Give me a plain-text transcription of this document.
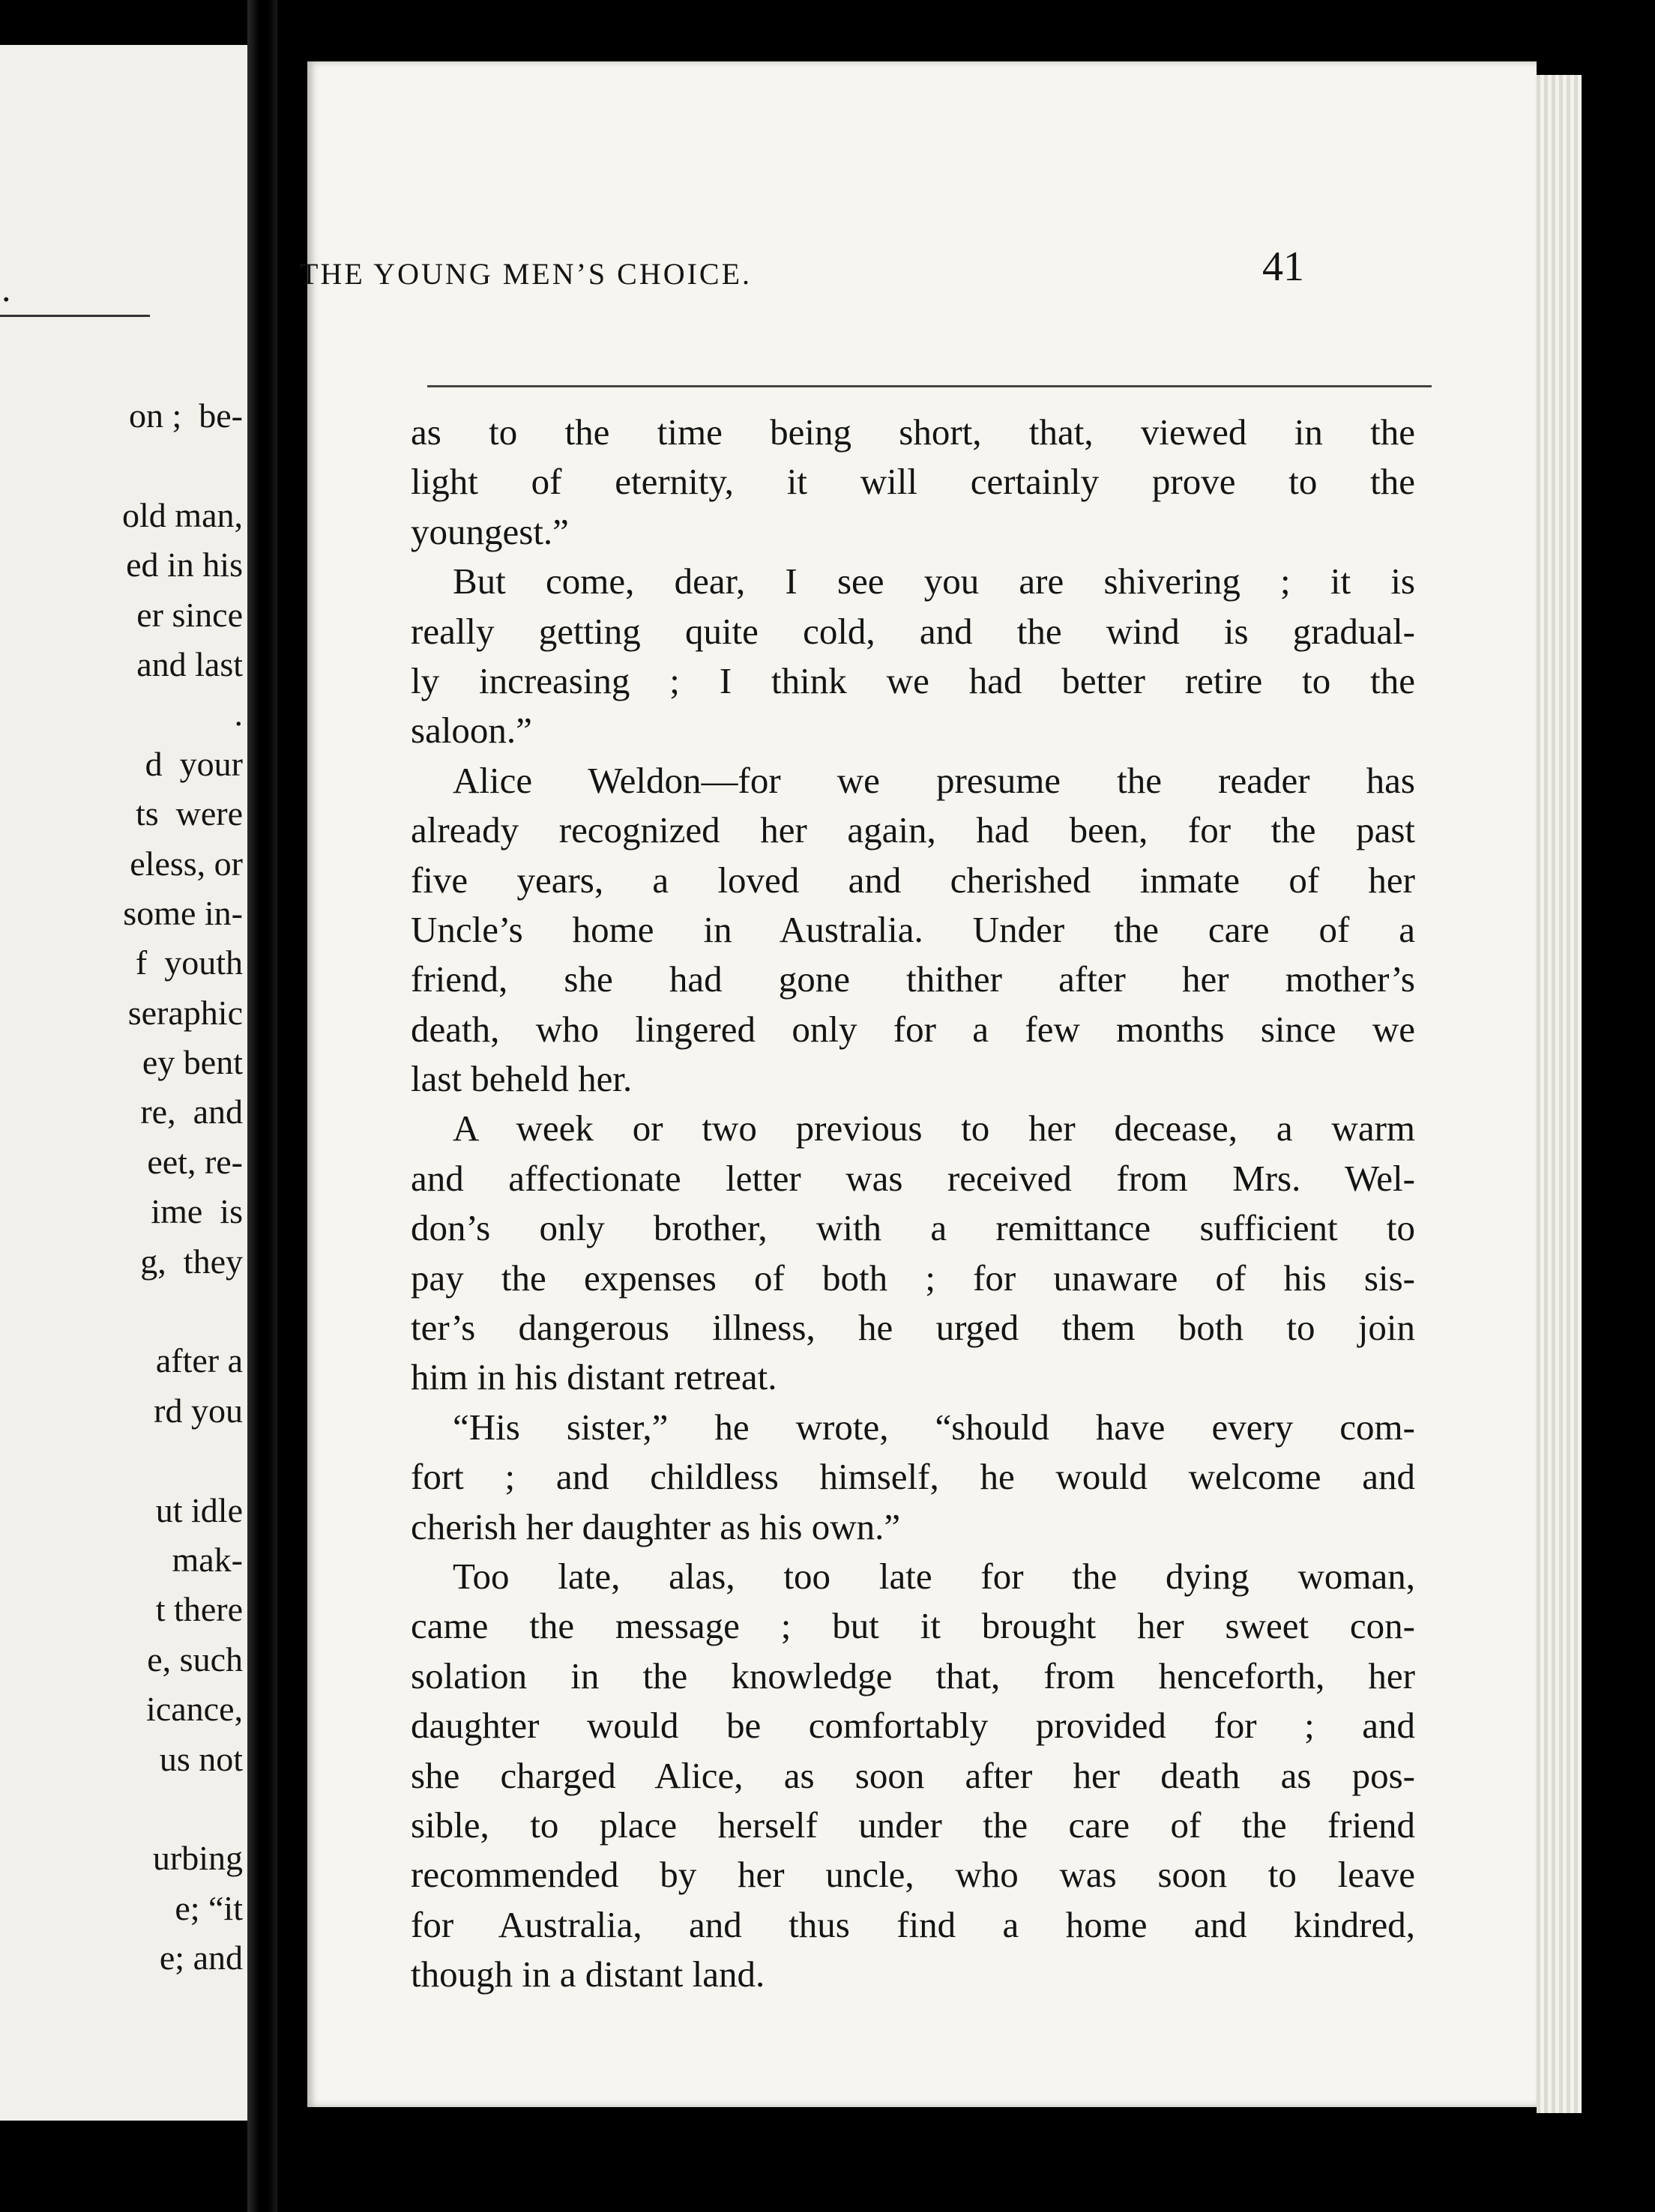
.
on ;  be-
old man,
ed in his
er since
and last
.
d  your
ts  were
eless, or
some in-
f  youth
seraphic
ey bent
re,  and
eet, re-
ime  is
g,  they
after a
rd you
ut idle
mak-
t there
e, such
icance,
us not
urbing
e; “it
e; and
as to the time being short, that, viewed in the
light of eternity, it will certainly prove to the
youngest.”
But come, dear, I see you are shivering ; it is
really getting quite cold, and the wind is gradual-
ly increasing ; I think we had better retire to the
saloon.”
Alice Weldon—for we presume the reader has
already recognized her again, had been, for the past
five years, a loved and cherished inmate of her
Uncle’s home in Australia. Under the care of a
friend, she had gone thither after her mother’s
death, who lingered only for a few months since we
last beheld her.
A week or two previous to her decease, a warm
and affectionate letter was received from Mrs. Wel-
don’s only brother, with a remittance sufficient to
pay the expenses of both ; for unaware of his sis-
ter’s dangerous illness, he urged them both to join
him in his distant retreat.
“His sister,” he wrote, “should have every com-
fort ; and childless himself, he would welcome and
cherish her daughter as his own.”
Too late, alas, too late for the dying woman,
came the message ; but it brought her sweet con-
solation in the knowledge that, from henceforth, her
daughter would be comfortably provided for ; and
she charged Alice, as soon after her death as pos-
sible, to place herself under the care of the friend
recommended by her uncle, who was soon to leave
for Australia, and thus find a home and kindred,
though in a distant land.
THE YOUNG MEN’S CHOICE.	41
